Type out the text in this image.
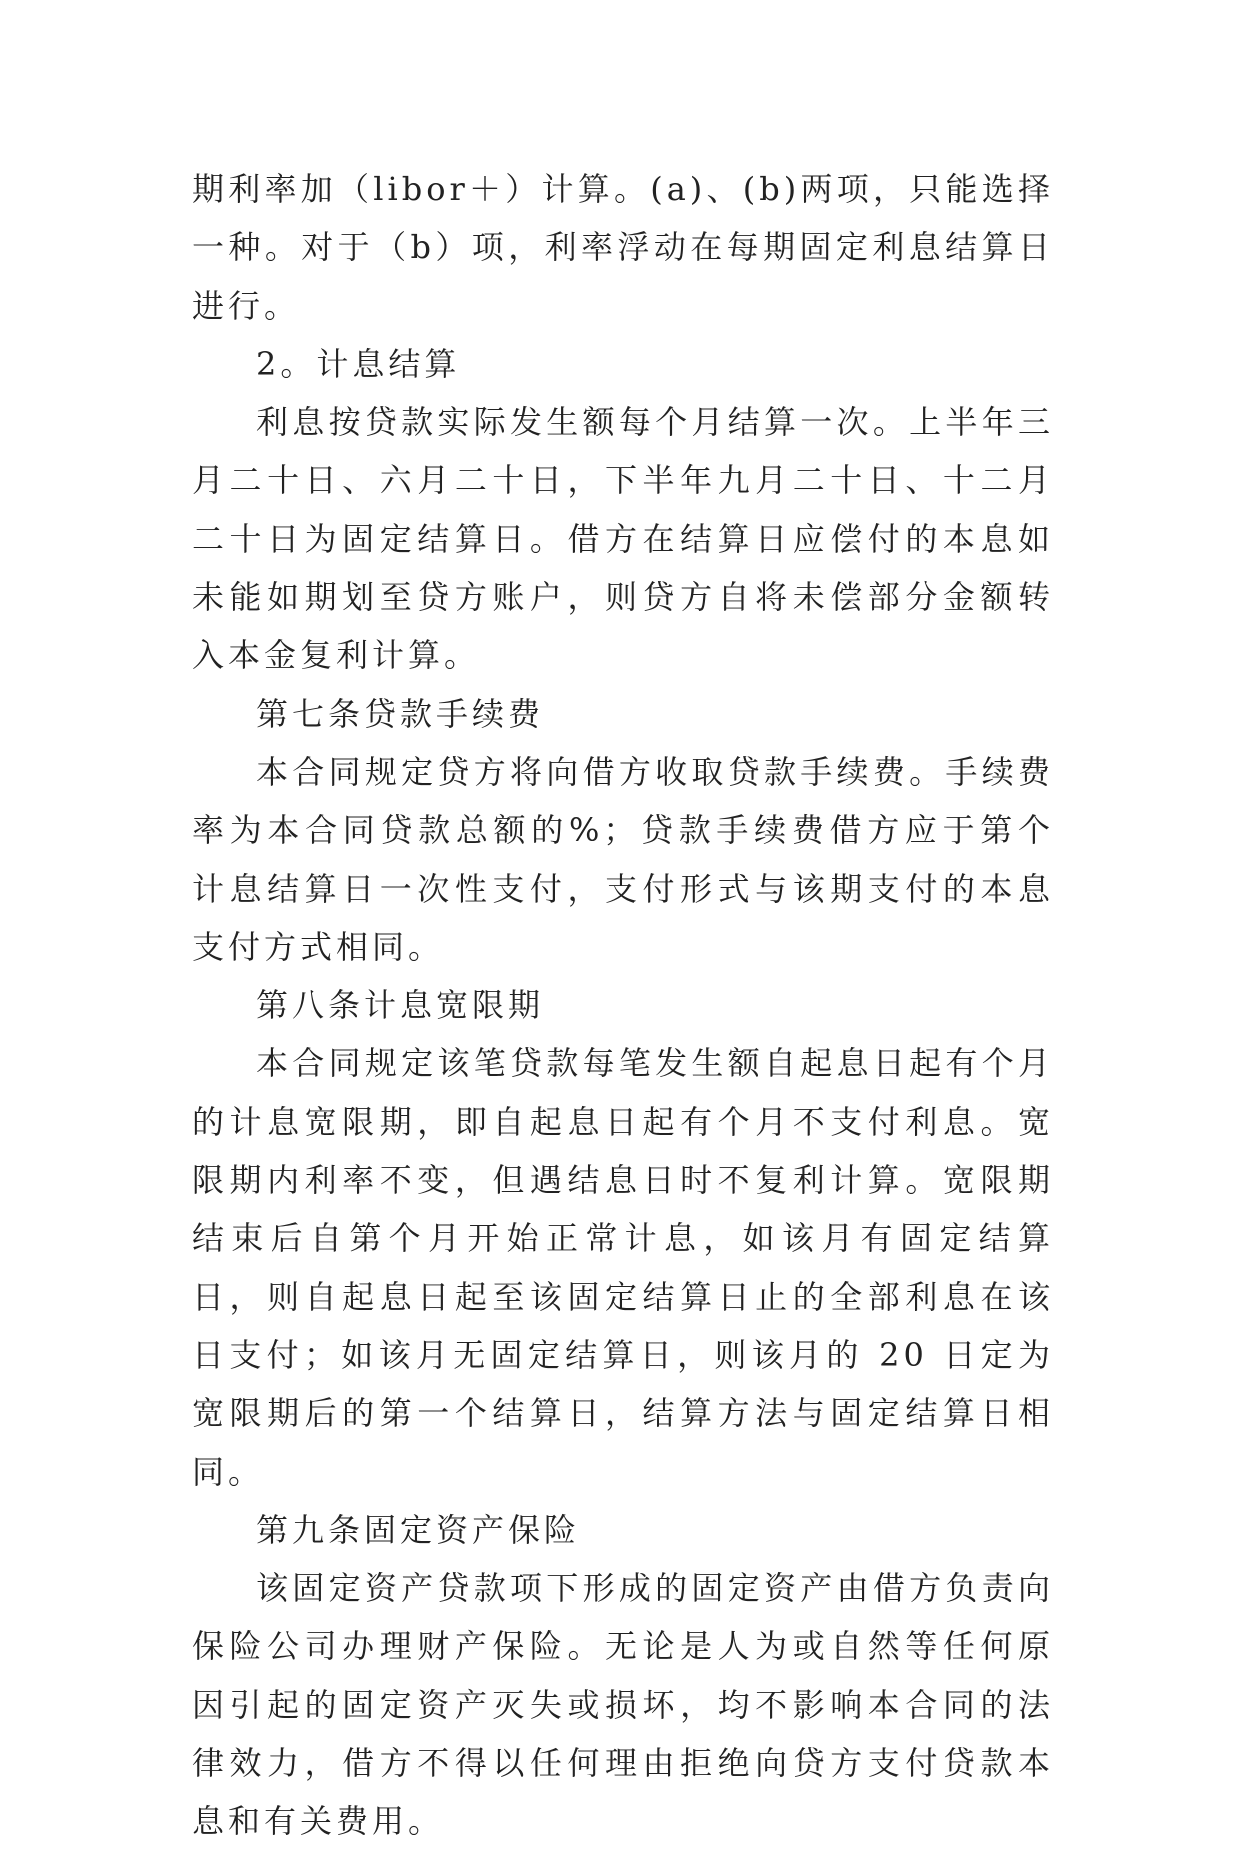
期利率加（libor＋）计算。(a)、(b)两项，只能选择一种。对于（b）项，利率浮动在每期固定利息结算日进行。

2。计息结算

利息按贷款实际发生额每个月结算一次。上半年三月二十日、六月二十日，下半年九月二十日、十二月二十日为固定结算日。借方在结算日应偿付的本息如未能如期划至贷方账户，则贷方自将未偿部分金额转入本金复利计算。

第七条贷款手续费

本合同规定贷方将向借方收取贷款手续费。手续费率为本合同贷款总额的%；贷款手续费借方应于第个计息结算日一次性支付，支付形式与该期支付的本息支付方式相同。

第八条计息宽限期

本合同规定该笔贷款每笔发生额自起息日起有个月的计息宽限期，即自起息日起有个月不支付利息。宽限期内利率不变，但遇结息日时不复利计算。宽限期结束后自第个月开始正常计息，如该月有固定结算日，则自起息日起至该固定结算日止的全部利息在该日支付；如该月无固定结算日，则该月的 20 日定为宽限期后的第一个结算日，结算方法与固定结算日相同。

第九条固定资产保险

该固定资产贷款项下形成的固定资产由借方负责向保险公司办理财产保险。无论是人为或自然等任何原因引起的固定资产灭失或损坏，均不影响本合同的法律效力，借方不得以任何理由拒绝向贷方支付贷款本息和有关费用。
